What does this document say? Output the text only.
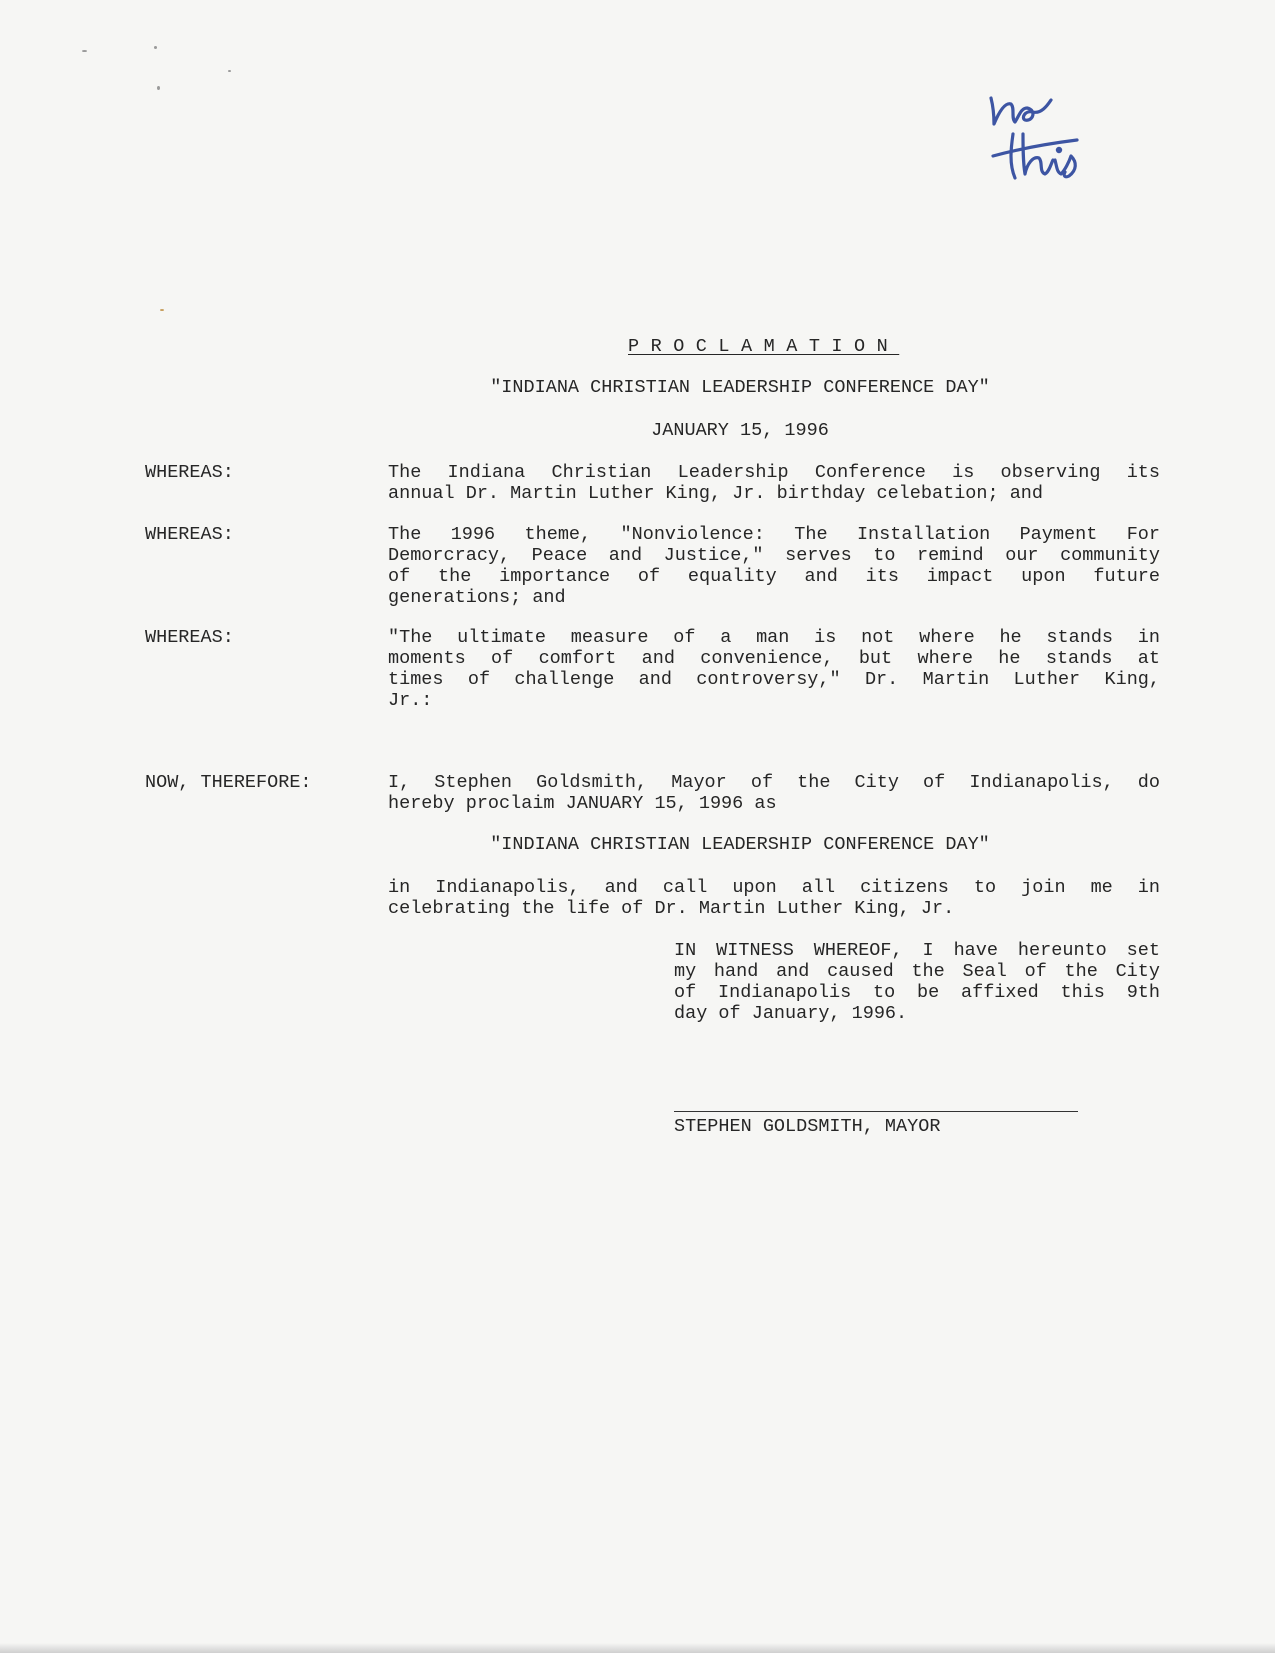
PROCLAMATION
"INDIANA CHRISTIAN LEADERSHIP CONFERENCE DAY"
JANUARY 15, 1996
WHEREAS:	The Indiana Christian Leadership Conference is observing its
annual Dr. Martin Luther King, Jr. birthday celebation; and
WHEREAS:	The 1996 theme, "Nonviolence: The Installation Payment For
Demorcracy, Peace and Justice," serves to remind our community
of the importance of equality and its impact upon future
generations; and
WHEREAS:	"The ultimate measure of a man is not where he stands in
moments of comfort and convenience, but where he stands at
times of challenge and controversy," Dr. Martin Luther King,
Jr.:
NOW, THEREFORE:	I, Stephen Goldsmith, Mayor of the City of Indianapolis, do
hereby proclaim JANUARY 15, 1996 as
"INDIANA CHRISTIAN LEADERSHIP CONFERENCE DAY"
in Indianapolis, and call upon all citizens to join me in
celebrating the life of Dr. Martin Luther King, Jr.
IN WITNESS WHEREOF, I have hereunto set
my hand and caused the Seal of the City
of Indianapolis to be affixed this 9th
day of January, 1996.
STEPHEN GOLDSMITH, MAYOR
